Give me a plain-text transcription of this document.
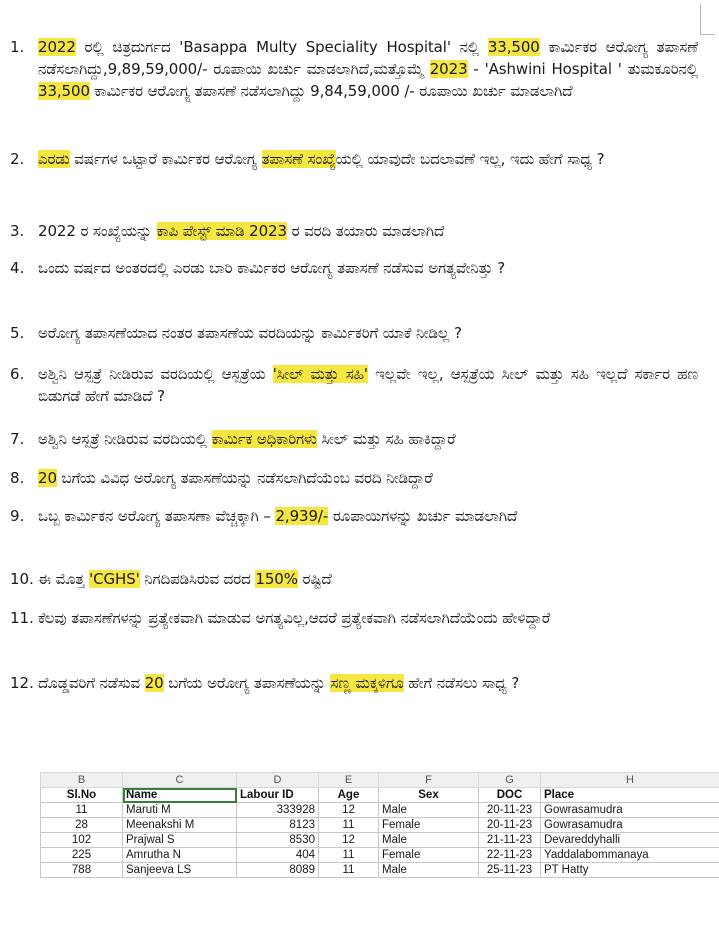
1. 2022 ರಲ್ಲಿ ಚಿತ್ರದುರ್ಗದ 'Basappa Multy Speciality Hospital' ನಲ್ಲಿ 33,500 ಕಾರ್ಮಿಕರ ಆರೋಗ್ಯ ತಪಾಸಣೆ ನಡೆಸಲಾಗಿದ್ದು,9,89,59,000/- ರೂಪಾಯಿ ಖರ್ಚು ಮಾಡಲಾಗಿದೆ,ಮತ್ತೊಮ್ಮೆ 2023 - 'Ashwini Hospital ' ತುಮಕೂರಿನಲ್ಲಿ 33,500 ಕಾರ್ಮಿಕರ ಆರೋಗ್ಯ ತಪಾಸಣೆ ನಡೆಸಲಾಗಿದ್ದು 9,84,59,000 /- ರೂಪಾಯಿ ಖರ್ಚು ಮಾಡಲಾಗಿದೆ
2. ಎರಡು ವರ್ಷಗಳ ಒಟ್ಟಾರೆ ಕಾರ್ಮಿಕರ ಆರೋಗ್ಯ ತಪಾಸಣೆ ಸಂಖ್ಯೆಯಲ್ಲಿ ಯಾವುದೇ ಬದಲಾವಣೆ ಇಲ್ಲ, ಇದು ಹೇಗೆ ಸಾಧ್ಯ ?
3. 2022 ರ ಸಂಖ್ಯೆಯನ್ನು ಕಾಪಿ ಪೇಸ್ಟ್ ಮಾಡಿ 2023 ರ ವರದಿ ತಯಾರು ಮಾಡಲಾಗಿದೆ
4. ಒಂದು ವರ್ಷದ ಅಂತರದಲ್ಲಿ ಎರಡು ಬಾರಿ ಕಾರ್ಮಿಕರ ಆರೋಗ್ಯ ತಪಾಸಣೆ ನಡೆಸುವ ಅಗತ್ಯವೇನಿತ್ತು ?
5. ಅರೋಗ್ಯ ತಪಾಸಣೆಯಾದ ನಂತರ ತಪಾಸಣೆಯ ವರದಿಯನ್ನು ಕಾರ್ಮಿಕರಿಗೆ ಯಾಕೆ ನೀಡಿಲ್ಲ ?
6. ಅಶ್ವಿನಿ ಆಸ್ಪತ್ರೆ ನೀಡಿರುವ ವರದಿಯಲ್ಲಿ ಆಸ್ಪತ್ರೆಯ 'ಸೀಲ್ ಮತ್ತು ಸಹಿ' ಇಲ್ಲವೇ ಇಲ್ಲ, ಆಸ್ಪತ್ರೆಯ ಸೀಲ್ ಮತ್ತು ಸಹಿ ಇಲ್ಲದೆ ಸರ್ಕಾರ ಹಣ ಬಿಡುಗಡೆ ಹೇಗೆ ಮಾಡಿದೆ ?
7. ಅಶ್ವಿನಿ ಆಸ್ಪತ್ರೆ ನೀಡಿರುವ ವರದಿಯಲ್ಲಿ ಕಾರ್ಮಿಕ ಅಧಿಕಾರಿಗಳು ಸೀಲ್ ಮತ್ತು ಸಹಿ ಹಾಕಿದ್ದಾರೆ
8. 20 ಬಗೆಯ ವಿವಿಧ ಅರೋಗ್ಯ ತಪಾಸಣೆಯನ್ನು ನಡೆಸಲಾಗಿದೆಯೆಂಬ ವರದಿ ನೀಡಿದ್ದಾರೆ
9. ಒಬ್ಬ ಕಾರ್ಮಿಕನ ಅರೋಗ್ಯ ತಪಾಸಣಾ ವೆಚ್ಚಕ್ಕಾಗಿ – 2,939/- ರೂಪಾಯಿಗಳನ್ನು ಖರ್ಚು ಮಾಡಲಾಗಿದೆ
10. ಈ ಮೊತ್ತ 'CGHS' ನಿಗದಿಪಡಿಸಿರುವ ದರದ 150% ರಷ್ಟಿದೆ
11. ಕೆಲವು ತಪಾಸಣೆಗಳನ್ನು ಪ್ರತ್ಯೇಕವಾಗಿ ಮಾಡುವ ಅಗತ್ಯವಿಲ್ಲ,ಆದರೆ ಪ್ರತ್ಯೇಕವಾಗಿ ನಡೆಸಲಾಗಿದೆಯೆಂದು ಹೇಳಿದ್ದಾರೆ
12. ದೊಡ್ಡವರಿಗೆ ನಡೆಸುವ 20 ಬಗೆಯ ಅರೋಗ್ಯ ತಪಾಸಣೆಯನ್ನು ಸಣ್ಣ ಮಕ್ಕಳಿಗೂ ಹೇಗೆ ನಡೆಸಲು ಸಾಧ್ಯ ?
B	C	D	E	F	G	H
Sl.No	Name	Labour ID	Age	Sex	DOC	Place
11	Maruti M	333928	12	Male	20-11-23	Gowrasamudra
28	Meenakshi M	8123	11	Female	20-11-23	Gowrasamudra
102	Prajwal S	8530	12	Male	21-11-23	Devareddyhalli
225	Amrutha N	404	11	Female	22-11-23	Yaddalabommanaya
788	Sanjeeva LS	8089	11	Male	25-11-23	PT Hatty
